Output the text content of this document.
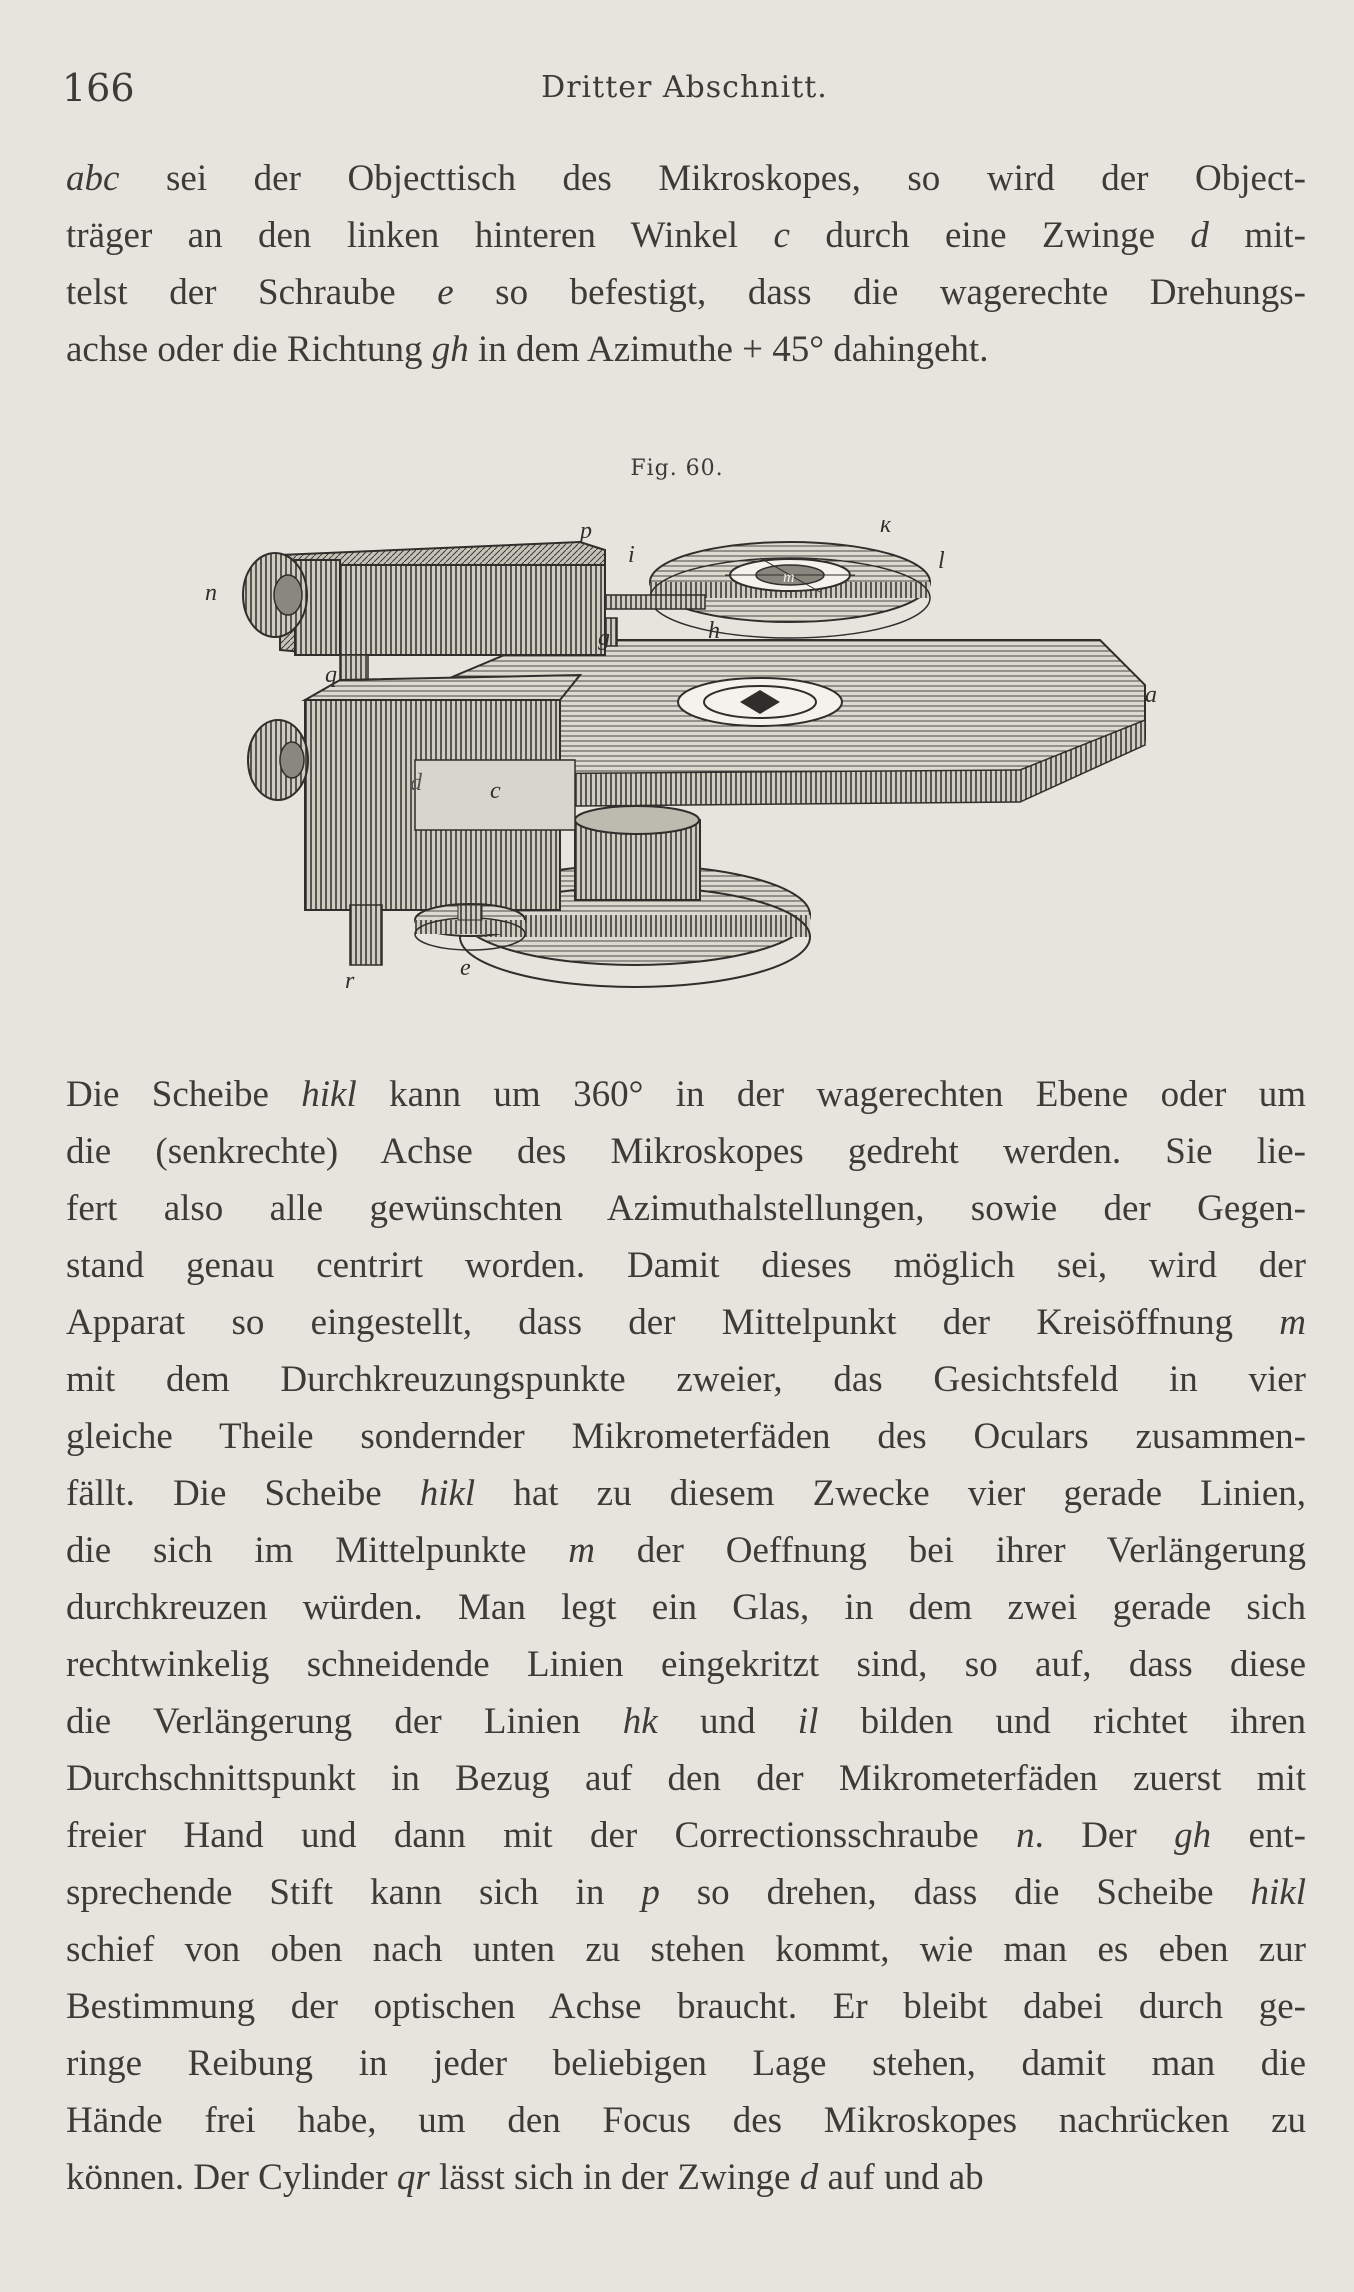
166	Dritter Abschnitt.
abc sei der Objecttisch des Mikroskopes, so wird der Object-
träger an den linken hinteren Winkel c durch eine Zwinge d mit-
telst der Schraube e so befestigt, dass die wagerechte Drehungs-
achse oder die Richtung gh in dem Azimuthe + 45° dahingeht.
Fig. 60.
n
p
i
k
l
m
h
g
q
a
d	c
r	e
Die Scheibe hikl kann um 360° in der wagerechten Ebene oder um
die (senkrechte) Achse des Mikroskopes gedreht werden. Sie lie-
fert also alle gewünschten Azimuthalstellungen, sowie der Gegen-
stand genau centrirt worden. Damit dieses möglich sei, wird der
Apparat so eingestellt, dass der Mittelpunkt der Kreisöffnung m
mit dem Durchkreuzungspunkte zweier, das Gesichtsfeld in vier
gleiche Theile sondernder Mikrometerfäden des Oculars zusammen-
fällt. Die Scheibe hikl hat zu diesem Zwecke vier gerade Linien,
die sich im Mittelpunkte m der Oeffnung bei ihrer Verlängerung
durchkreuzen würden. Man legt ein Glas, in dem zwei gerade sich
rechtwinkelig schneidende Linien eingekritzt sind, so auf, dass diese
die Verlängerung der Linien hk und il bilden und richtet ihren
Durchschnittspunkt in Bezug auf den der Mikrometerfäden zuerst mit
freier Hand und dann mit der Correctionsschraube n. Der gh ent-
sprechende Stift kann sich in p so drehen, dass die Scheibe hikl
schief von oben nach unten zu stehen kommt, wie man es eben zur
Bestimmung der optischen Achse braucht. Er bleibt dabei durch ge-
ringe Reibung in jeder beliebigen Lage stehen, damit man die
Hände frei habe, um den Focus des Mikroskopes nachrücken zu
können. Der Cylinder qr lässt sich in der Zwinge d auf und ab
